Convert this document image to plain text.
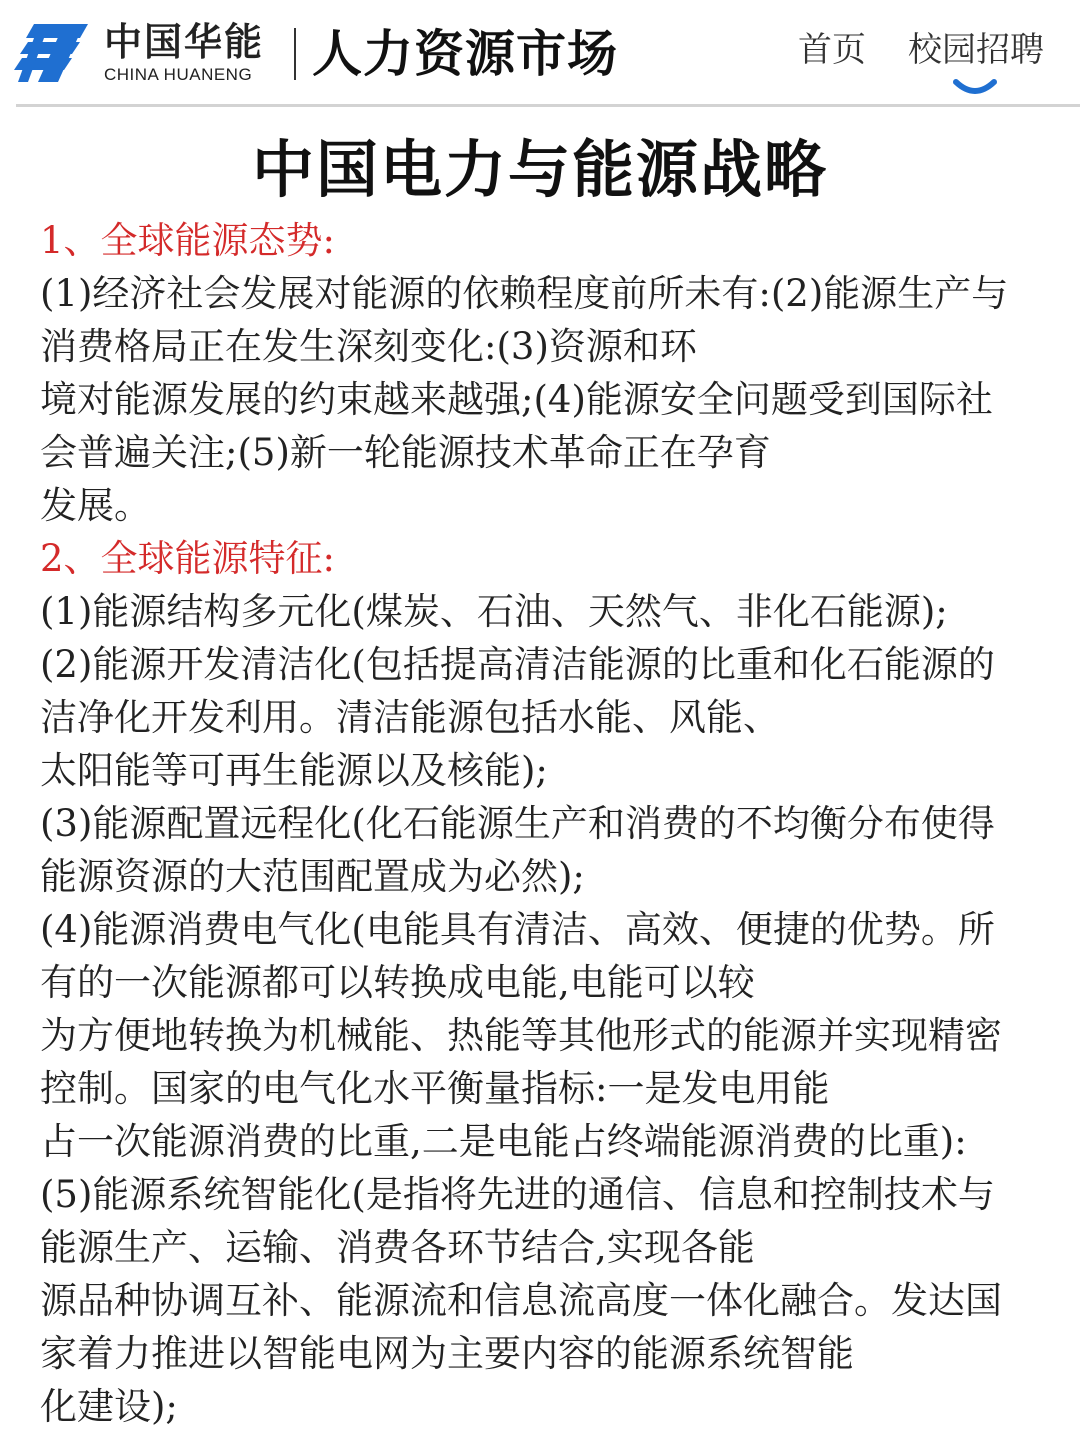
中国华能
CHINA HUANENG 人力资源市场	首页 校园招聘
中国电力与能源战略
1、全球能源态势:
(1)经济社会发展对能源的依赖程度前所未有:(2)能源生产与
消费格局正在发生深刻变化:(3)资源和环
境对能源发展的约束越来越强;(4)能源安全问题受到国际社
会普遍关注;(5)新一轮能源技术革命正在孕育
发展。
2、全球能源特征:
(1)能源结构多元化(煤炭、石油、天然气、非化石能源);
(2)能源开发清洁化(包括提高清洁能源的比重和化石能源的
洁净化开发利用。清洁能源包括水能、风能、
太阳能等可再生能源以及核能);
(3)能源配置远程化(化石能源生产和消费的不均衡分布使得
能源资源的大范围配置成为必然);
(4)能源消费电气化(电能具有清洁、高效、便捷的优势。所
有的一次能源都可以转换成电能,电能可以较
为方便地转换为机械能、热能等其他形式的能源并实现精密
控制。国家的电气化水平衡量指标:一是发电用能
占一次能源消费的比重,二是电能占终端能源消费的比重):
(5)能源系统智能化(是指将先进的通信、信息和控制技术与
能源生产、运输、消费各环节结合,实现各能
源品种协调互补、能源流和信息流高度一体化融合。发达国
家着力推进以智能电网为主要内容的能源系统智能
化建设);
